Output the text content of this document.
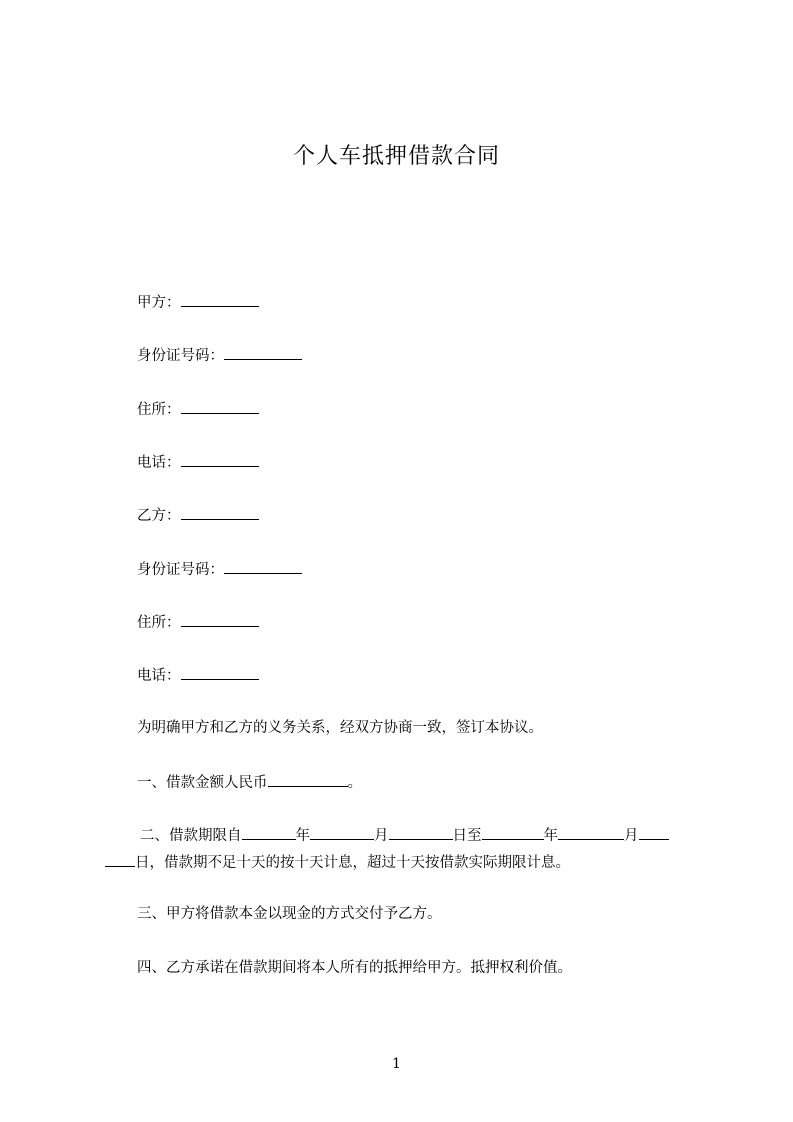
个人车抵押借款合同
甲方：
身份证号码：
住所：
电话：
乙方：
身份证号码：
住所：
电话：
为明确甲方和乙方的义务关系，经双方协商一致，签订本协议。
一、借款金额人民币	。
二、借款期限自	年	月	日至	年	月
日，借款期不足十天的按十天计息，超过十天按借款实际期限计息。
三、甲方将借款本金以现金的方式交付予乙方。
四、乙方承诺在借款期间将本人所有的抵押给甲方。抵押权利价值。
1
